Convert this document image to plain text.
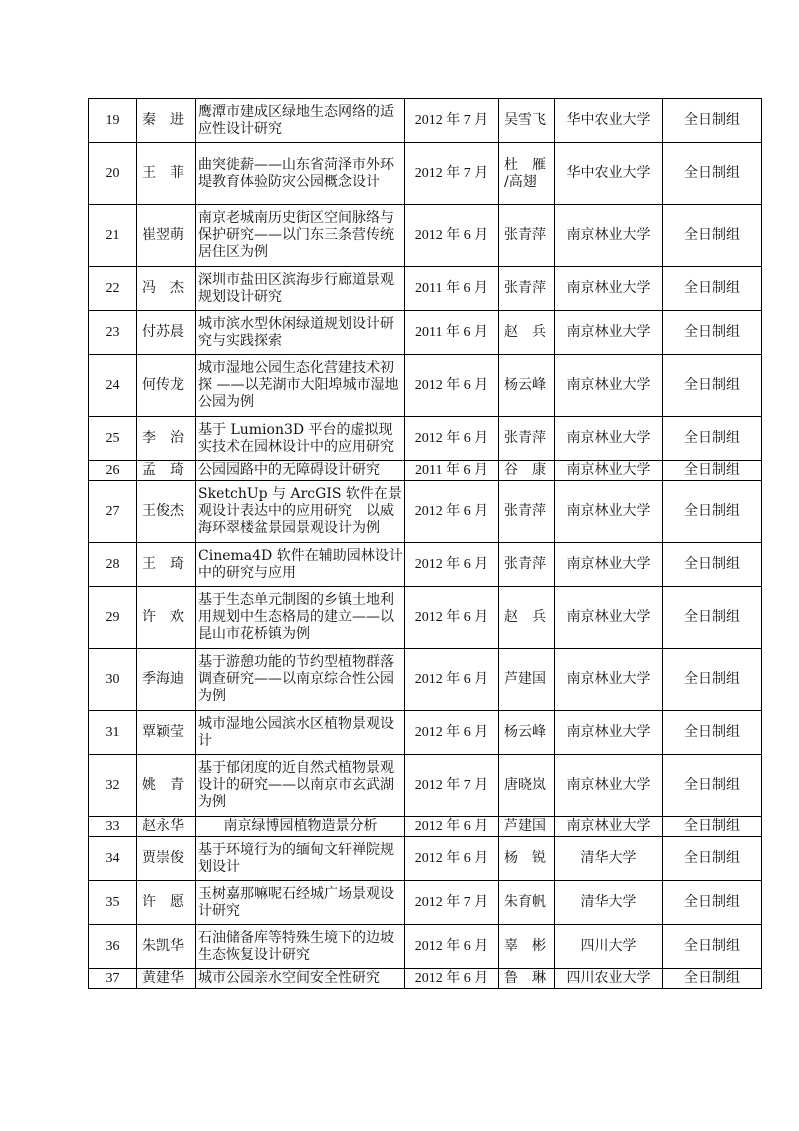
19	秦　进	鹰潭市建成区绿地生态网络的适应性设计研究	2012 年 7 月	吴雪飞	华中农业大学	全日制组
20	王　菲	曲突徙薪——山东省菏泽市外环堤教育体验防灾公园概念设计	2012 年 7 月	杜　雁 /高翅	华中农业大学	全日制组
21	崔翌萌	南京老城南历史街区空间脉络与保护研究——以门东三条营传统居住区为例	2012 年 6 月	张青萍	南京林业大学	全日制组
22	冯　杰	深圳市盐田区滨海步行廊道景观规划设计研究	2011 年 6 月	张青萍	南京林业大学	全日制组
23	付苏晨	城市滨水型休闲绿道规划设计研究与实践探索	2011 年 6 月	赵　兵	南京林业大学	全日制组
24	何传龙	城市湿地公园生态化营建技术初探 ——以芜湖市大阳埠城市湿地公园为例	2012 年 6 月	杨云峰	南京林业大学	全日制组
25	李　治	基于 Lumion3D 平台的虚拟现实技术在园林设计中的应用研究	2012 年 6 月	张青萍	南京林业大学	全日制组
26	孟　琦	公园园路中的无障碍设计研究	2011 年 6 月	谷　康	南京林业大学	全日制组
27	王俊杰	SketchUp 与 ArcGIS 软件在景观设计表达中的应用研究　以威海环翠楼盆景园景观设计为例	2012 年 6 月	张青萍	南京林业大学	全日制组
28	王　琦	Cinema4D 软件在辅助园林设计中的研究与应用	2012 年 6 月	张青萍	南京林业大学	全日制组
29	许　欢	基于生态单元制图的乡镇土地利用规划中生态格局的建立——以昆山市花桥镇为例	2012 年 6 月	赵　兵	南京林业大学	全日制组
30	季海迪	基于游憩功能的节约型植物群落调查研究——以南京综合性公园为例	2012 年 6 月	芦建国	南京林业大学	全日制组
31	覃颖莹	城市湿地公园滨水区植物景观设计	2012 年 6 月	杨云峰	南京林业大学	全日制组
32	姚　青	基于郁闭度的近自然式植物景观设计的研究——以南京市玄武湖为例	2012 年 7 月	唐晓岚	南京林业大学	全日制组
33	赵永华	南京绿博园植物造景分析	2012 年 6 月	芦建国	南京林业大学	全日制组
34	贾崇俊	基于环境行为的缅甸文轩禅院规划设计	2012 年 6 月	杨　锐	清华大学	全日制组
35	许　愿	玉树嘉那嘛呢石经城广场景观设计研究	2012 年 7 月	朱育帆	清华大学	全日制组
36	朱凯华	石油储备库等特殊生境下的边坡生态恢复设计研究	2012 年 6 月	辜　彬	四川大学	全日制组
37	黄建华	城市公园亲水空间安全性研究	2012 年 6 月	鲁　琳	四川农业大学	全日制组
